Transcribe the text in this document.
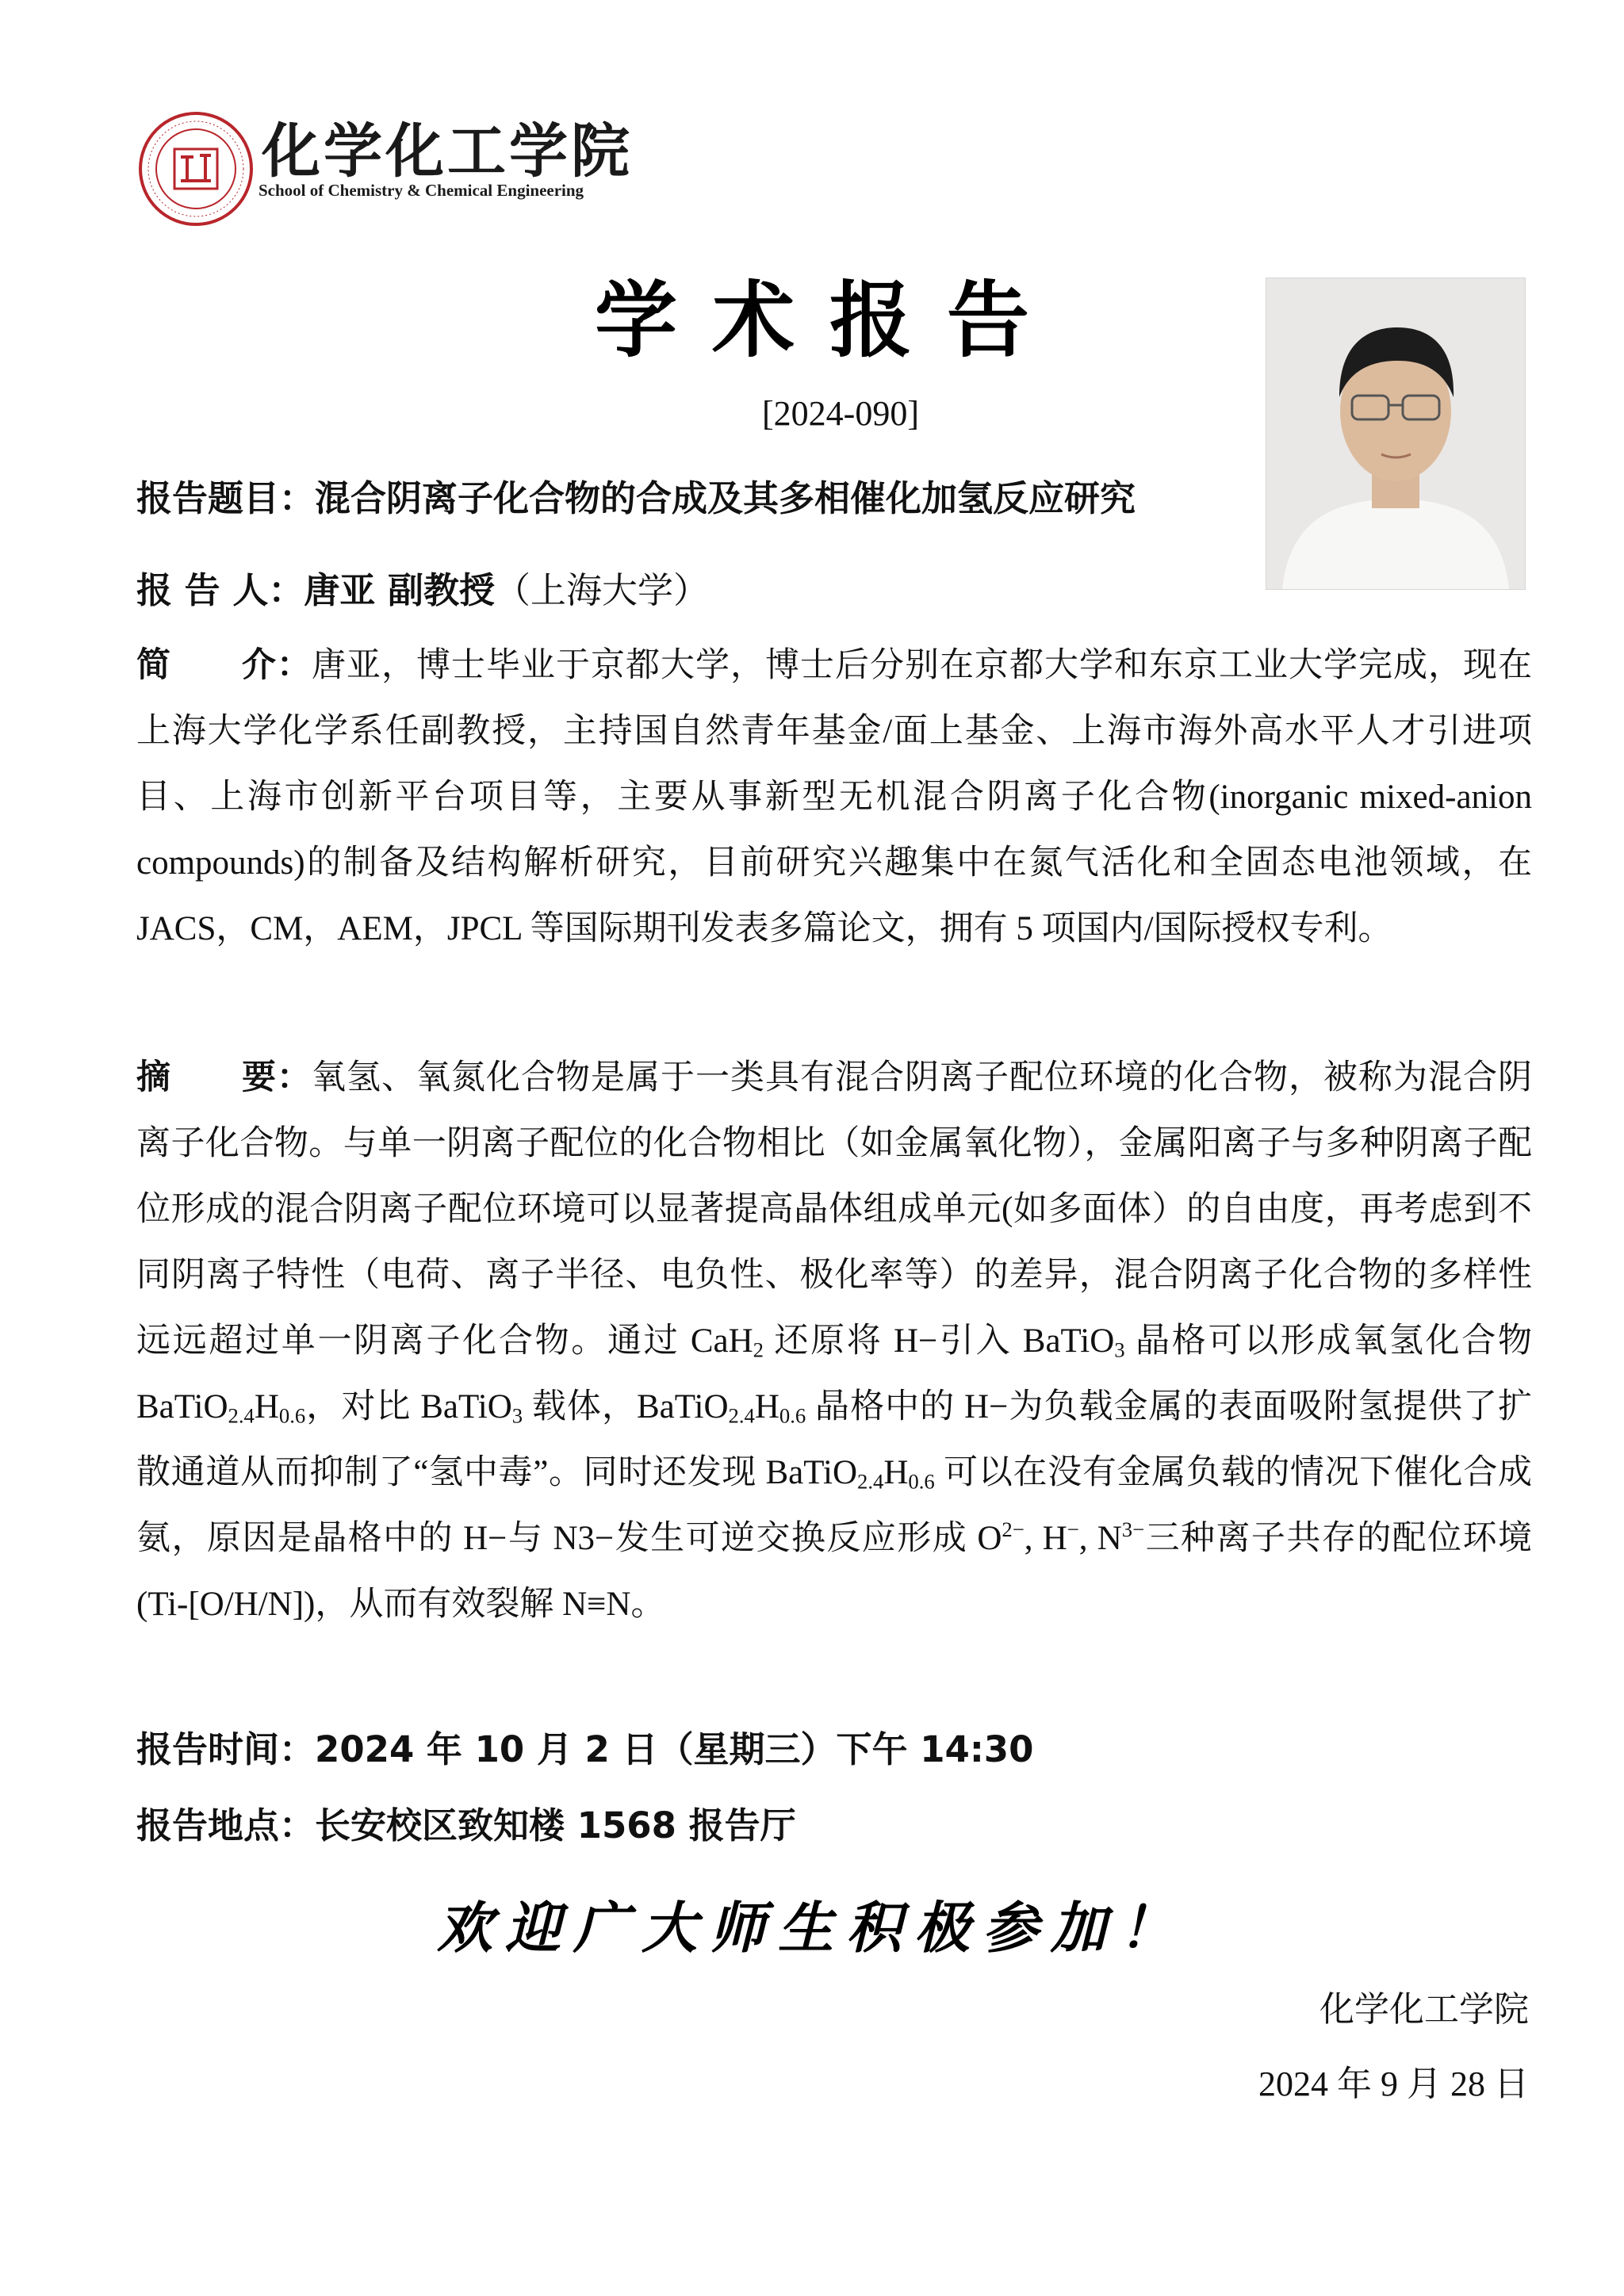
化学化工学院
School of Chemistry & Chemical Engineering
学术报告
[2024-090]
报告题目：混合阴离子化合物的合成及其多相催化加氢反应研究
报 告 人：唐亚 副教授（上海大学）
简 介：唐亚，博士毕业于京都大学，博士后分别在京都大学和东京工业大学完成，现在上海大学化学系任副教授，主持国自然青年基金/面上基金、上海市海外高水平人才引进项目、上海市创新平台项目等，主要从事新型无机混合阴离子化合物(inorganic mixed-anion compounds)的制备及结构解析研究，目前研究兴趣集中在氮气活化和全固态电池领域，在 JACS，CM，AEM，JPCL 等国际期刊发表多篇论文，拥有 5 项国内/国际授权专利。
摘 要：氧氢、氧氮化合物是属于一类具有混合阴离子配位环境的化合物，被称为混合阴离子化合物。与单一阴离子配位的化合物相比（如金属氧化物），金属阳离子与多种阴离子配位形成的混合阴离子配位环境可以显著提高晶体组成单元(如多面体）的自由度，再考虑到不同阴离子特性（电荷、离子半径、电负性、极化率等）的差异，混合阴离子化合物的多样性远远超过单一阴离子化合物。通过 CaH$_2$ 还原将 H−引入 BaTiO$_3$ 晶格可以形成氧氢化合物 $BaTiO_{2.4}H_{0.6}$，对比 BaTiO$_3$ 载体，$BaTiO_{2.4}H_{0.6}$ 晶格中的 H−为负载金属的表面吸附氢提供了扩散通道从而抑制了“氢中毒”。同时还发现 $BaTiO_{2.4}H_{0.6}$ 可以在没有金属负载的情况下催化合成氨，原因是晶格中的 H−与 N3−发生可逆交换反应形成 $O^{2-}$, H−, $N^{3-}$三种离子共存的配位环境(Ti-[O/H/N])，从而有效裂解 N≡N。
报告时间：2024 年 10 月 2 日（星期三）下午 14:30
报告地点：长安校区致知楼 1568 报告厅
欢迎广大师生积极参加！
化学化工学院
2024 年 9 月 28 日
